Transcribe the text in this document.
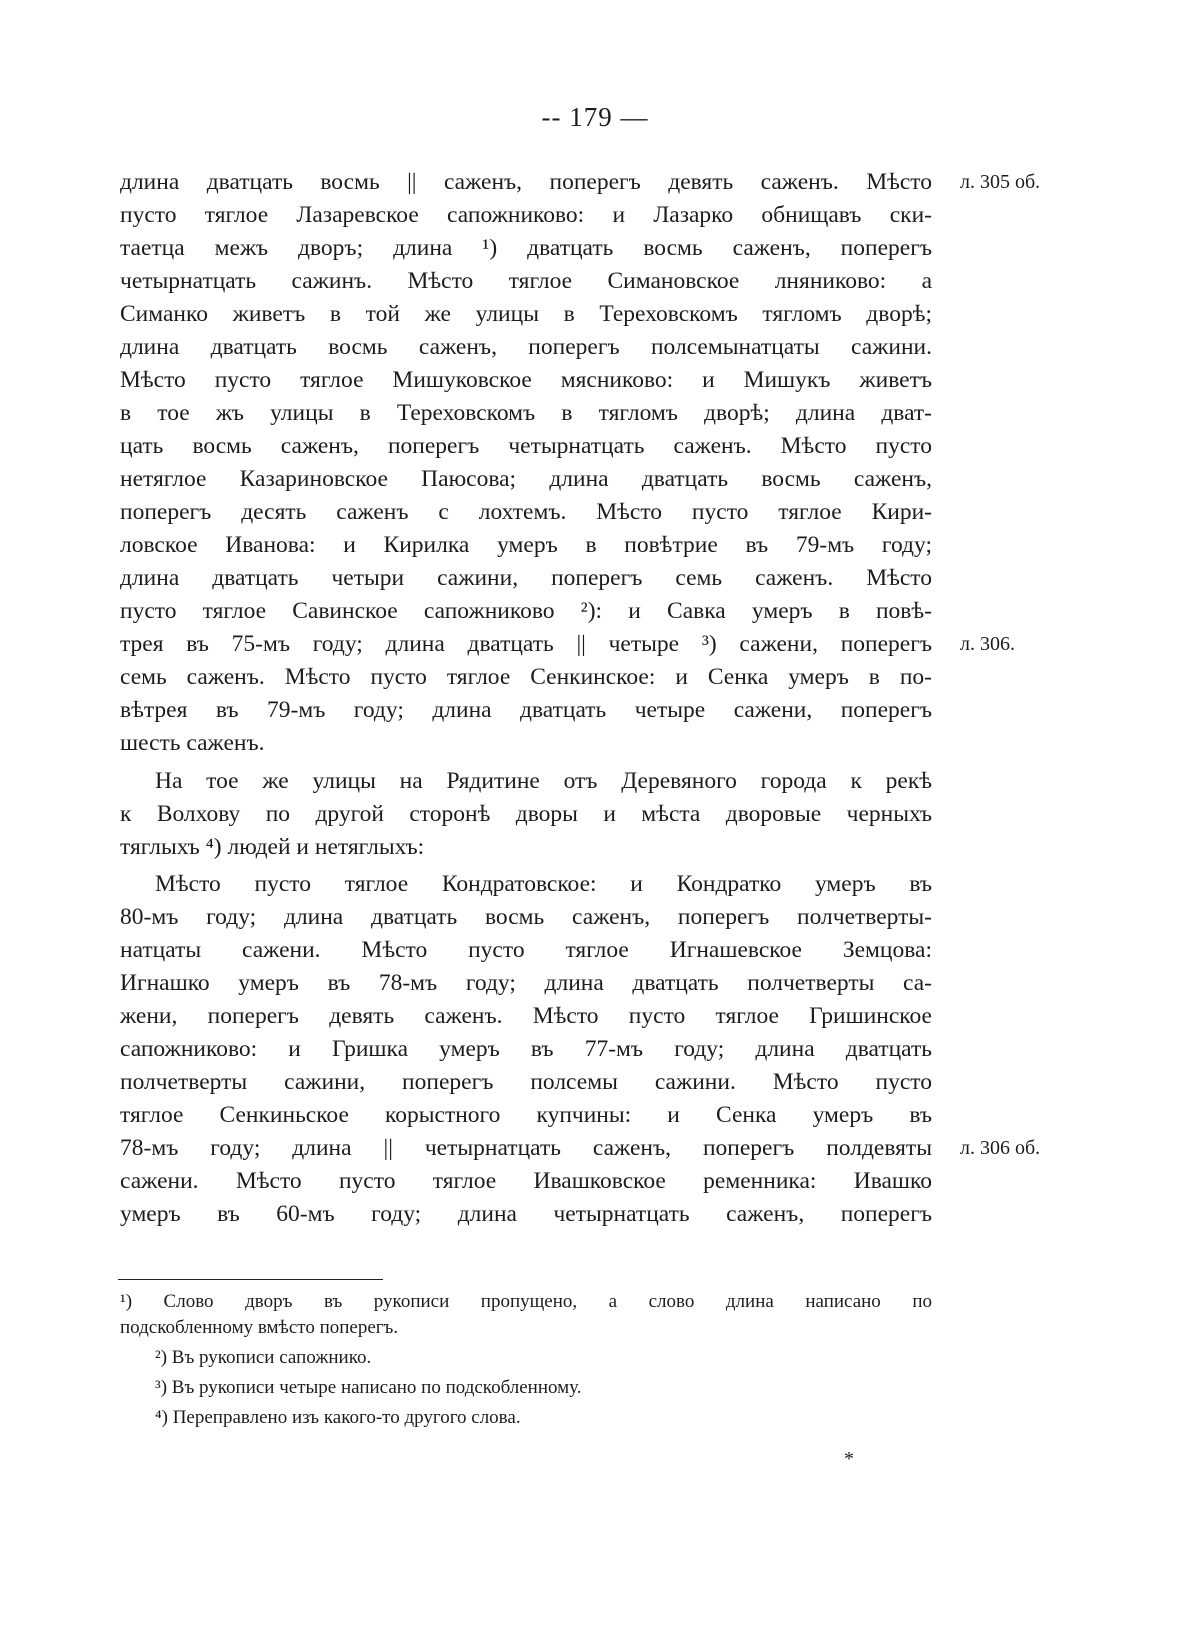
-- 179 —
длина дватцать восмь || саженъ, поперегъ девять саженъ. Мѣсто
пусто тяглое Лазаревское сапожниково: и Лазарко обнищавъ ски-
таетца межъ дворъ; длина ¹) дватцать восмь саженъ, поперегъ
четырнатцать сажинъ. Мѣсто тяглое Симановское лняниково: а
Симанко живетъ в той же улицы в Тереховскомъ тягломъ дворѣ;
длина дватцать восмь саженъ, поперегъ полсемынатцаты сажини.
Мѣсто пусто тяглое Мишуковское мясниково: и Мишукъ живетъ
в тое жъ улицы в Тереховскомъ в тягломъ дворѣ; длина дват-
цать восмь саженъ, поперегъ четырнатцать саженъ. Мѣсто пусто
нетяглое Казариновское Паюсова; длина дватцать восмь саженъ,
поперегъ десять саженъ с лохтемъ. Мѣсто пусто тяглое Кири-
ловское Иванова: и Кирилка умеръ в повѣтрие въ 79-мъ году;
длина дватцать четыри сажини, поперегъ семь саженъ. Мѣсто
пусто тяглое Савинское сапожниково ²): и Савка умеръ в повѣ-
трея въ 75-мъ году; длина дватцать || четыре ³) сажени, поперегъ
семь саженъ. Мѣсто пусто тяглое Сенкинское: и Сенка умеръ в по-
вѣтрея въ 79-мъ году; длина дватцать четыре сажени, поперегъ
шесть саженъ.
На тое же улицы на Рядитине отъ Деревяного города к рекѣ
к Волхову по другой сторонѣ дворы и мѣста дворовые черныхъ
тяглыхъ ⁴) людей и нетяглыхъ:
Мѣсто пусто тяглое Кондратовское: и Кондратко умеръ въ
80-мъ году; длина дватцать восмь саженъ, поперегъ полчетверты-
натцаты сажени. Мѣсто пусто тяглое Игнашевское Земцова:
Игнашко умеръ въ 78-мъ году; длина дватцать полчетверты са-
жени, поперегъ девять саженъ. Мѣсто пусто тяглое Гришинское
сапожниково: и Гришка умеръ въ 77-мъ году; длина дватцать
полчетверты сажини, поперегъ полсемы сажини. Мѣсто пусто
тяглое Сенкиньское корыстного купчины: и Сенка умеръ въ
78-мъ году; длина || четырнатцать саженъ, поперегъ полдевяты
сажени. Мѣсто пусто тяглое Ивашковское ременника: Ивашко
умеръ въ 60-мъ году; длина четырнатцать саженъ, поперегъ
л. 305 об.
л. 306.
л. 306 об.
¹) Слово дворъ въ рукописи пропущено, а слово длина написано по
подскобленному вмѣсто поперегъ.
²) Въ рукописи сапожнико.
³) Въ рукописи четыре написано по подскобленному.
⁴) Переправлено изъ какого-то другого слова.
*
